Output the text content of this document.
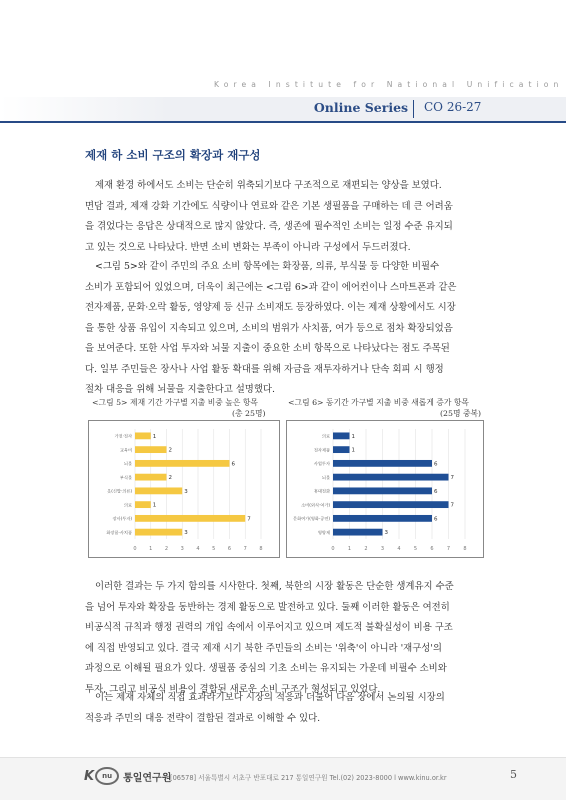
Korea Institute for National Unification
Online Series CO 26-27
제재 하 소비 구조의 확장과 재구성
제재 환경 하에서도 소비는 단순히 위축되기보다 구조적으로 재편되는 양상을 보였다.
면담 결과, 제재 강화 기간에도 식량이나 연료와 같은 기본 생필품을 구매하는 데 큰 어려움
을 겪었다는 응답은 상대적으로 많지 않았다. 즉, 생존에 필수적인 소비는 일정 수준 유지되
고 있는 것으로 나타났다. 반면 소비 변화는 부족이 아니라 구성에서 두드러졌다.
<그림 5>와 같이 주민의 주요 소비 항목에는 화장품, 의류, 부식물 등 다양한 비필수
소비가 포함되어 있었으며, 더욱이 최근에는 <그림 6>과 같이 에어컨이나 스마트폰과 같은
전자제품, 문화·오락 활동, 영양제 등 신규 소비재도 등장하였다. 이는 제재 상황에서도 시장
을 통한 상품 유입이 지속되고 있으며, 소비의 범위가 사치품, 여가 등으로 점차 확장되었음
을 보여준다. 또한 사업 투자와 뇌물 지출이 중요한 소비 항목으로 나타났다는 점도 주목된
다. 일부 주민들은 장사나 사업 활동 확대를 위해 자금을 재투자하거나 단속 회피 시 행정
절차 대응을 위해 뇌물을 지출한다고 설명했다.
<그림 5> 제재 기간 가구별 지출 비중 높은 항목
(총 25명)
<그림 6> 동기간 가구별 지출 비중 새롭게 증가 항목
(25명 중복)
0	1	2	3	4	5	6	7	8
가전·전자	1
교육비	2
뇌물	6
부식물	2
옷(신발·의류)	3
의료	1
장사(투자)	7
화장품·사치품	3
0	1	2	3	4	5	6	7	8
의료	1
전자제품	1
사업투자	6
뇌물	7
휴대전화	6
소비(외식·여가)	7
문화여가(영화·공연)	6
영양제	3
이러한 결과는 두 가지 함의를 시사한다. 첫째, 북한의 시장 활동은 단순한 생계유지 수준
을 넘어 투자와 확장을 동반하는 경제 활동으로 발전하고 있다. 둘째 이러한 활동은 여전히
비공식적 규칙과 행정 권력의 개입 속에서 이루어지고 있으며 제도적 불확실성이 비용 구조
에 직접 반영되고 있다. 결국 제재 시기 북한 주민들의 소비는 '위축'이 아니라 '재구성'의
과정으로 이해될 필요가 있다. 생필품 중심의 기초 소비는 유지되는 가운데 비필수 소비와
투자, 그리고 비공식 비용이 결합된 새로운 소비 구조가 형성되고 있었다.
이는 제재 자체의 직접 효과라기보다 시장의 적응과 더불어 다음 장에서 논의될 시장의
적응과 주민의 대응 전략이 결합된 결과로 이해할 수 있다.
K	nu	통일연구원
[06578] 서울특별시 서초구 반포대로 217 통일연구원 Tel.(02) 2023-8000 l www.kinu.or.kr	5
